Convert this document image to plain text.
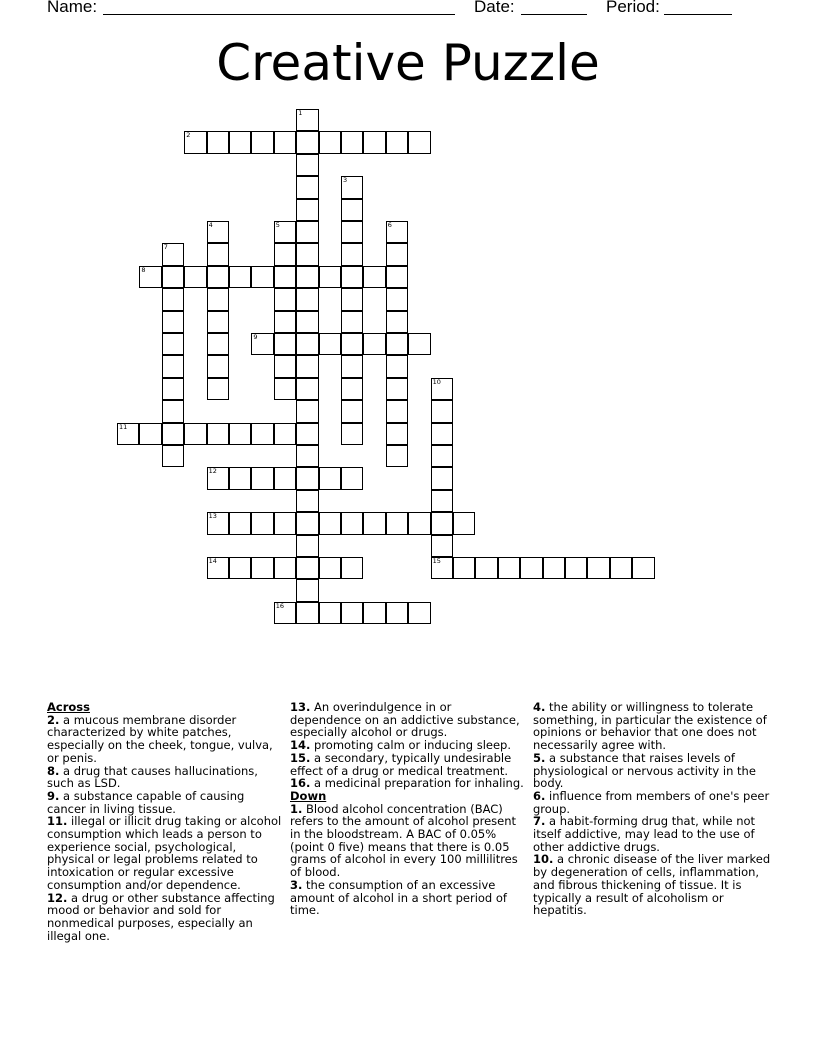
Name:	Date:	Period:
Creative Puzzle
1
2
3
4	5	6
7
8
9
10
11
12
13
14	15
16

Across

2. a mucous membrane disorder characterized by white patches, especially on the cheek, tongue, vulva, or penis.

8. a drug that causes hallucinations, such as LSD.

9. a substance capable of causing cancer in living tissue.

11. illegal or illicit drug taking or alcohol consumption which leads a person to experience social, psychological, physical or legal problems related to intoxication or regular excessive consumption and/or dependence.

12. a drug or other substance affecting mood or behavior and sold for nonmedical purposes, especially an illegal one.

13. An overindulgence in or dependence on an addictive substance, especially alcohol or drugs.

14. promoting calm or inducing sleep.

15. a secondary, typically undesirable effect of a drug or medical treatment.

16. a medicinal preparation for inhaling.

Down

1. Blood alcohol concentration (BAC) refers to the amount of alcohol present in the bloodstream. A BAC of 0.05% (point 0 five) means that there is 0.05 grams of alcohol in every 100 millilitres of blood.

3. the consumption of an excessive amount of alcohol in a short period of time.

4. the ability or willingness to tolerate something, in particular the existence of opinions or behavior that one does not necessarily agree with.

5. a substance that raises levels of physiological or nervous activity in the body.

6. influence from members of one's peer group.

7. a habit-forming drug that, while not itself addictive, may lead to the use of other addictive drugs.

10. a chronic disease of the liver marked by degeneration of cells, inflammation, and fibrous thickening of tissue. It is typically a result of alcoholism or hepatitis.
